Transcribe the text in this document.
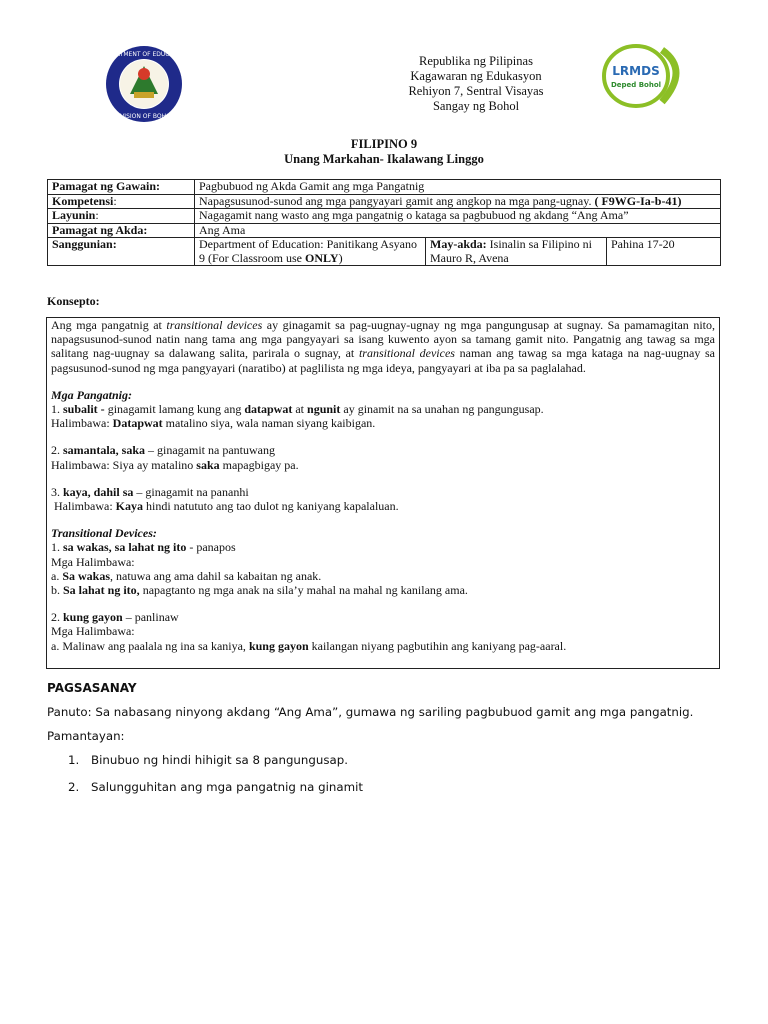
DEPARTMENT OF EDUCATION
DIVISION OF BOHOL
Republika ng Pilipinas
Kagawaran ng Edukasyon
Rehiyon 7, Sentral Visayas
Sangay ng Bohol
LRMDS
Deped Bohol
FILIPINO 9
Unang Markahan- Ikalawang Linggo
Pamagat ng Gawain:	Pagbubuod ng Akda Gamit ang mga Pangatnig		
Kompetensi:	Napagsusunod-sunod ang mga pangyayari gamit ang angkop na mga pang-ugnay. ( F9WG-Ia-b-41)		
Layunin:	Nagagamit nang wasto ang mga pangatnig o kataga sa pagbubuod ng akdang “Ang Ama”		
Pamagat ng Akda:	Ang Ama		
Sanggunian:	Department of Education: Panitikang Asyano 9 (For Classroom use ONLY)	May-akda: Isinalin sa Filipino ni Mauro R, Avena	Pahina 17-20
Konsepto:

Ang mga pangatnig at transitional devices ay ginagamit sa pag-uugnay-ugnay ng mga pangungusap at sugnay. Sa pamamagitan nito, napagsusunod-sunod natin nang tama ang mga pangyayari sa isang kuwento ayon sa tamang gamit nito. Pangatnig ang tawag sa mga salitang nag-uugnay sa dalawang salita, parirala o sugnay, at transitional devices naman ang tawag sa mga kataga na nag-uugnay sa pagsusunod-sunod ng mga pangyayari (naratibo) at paglilista ng mga ideya, pangyayari at iba pa sa paglalahad.

Mga Pangatnig:

1. subalit - ginagamit lamang kung ang datapwat at ngunit ay ginamit na sa unahan ng pangungusap.

Halimbawa: Datapwat matalino siya, wala naman siyang kaibigan.

2. samantala, saka – ginagamit na pantuwang

Halimbawa: Siya ay matalino saka mapagbigay pa.

3. kaya, dahil sa – ginagamit na pananhi

Halimbawa: Kaya hindi natututo ang tao dulot ng kaniyang kapalaluan.

Transitional Devices:

1. sa wakas, sa lahat ng ito - panapos

Mga Halimbawa:

a. Sa wakas, natuwa ang ama dahil sa kabaitan ng anak.

b. Sa lahat ng ito, napagtanto ng mga anak na sila’y mahal na mahal ng kanilang ama.

2. kung gayon – panlinaw

Mga Halimbawa:

a. Malinaw ang paalala ng ina sa kaniya, kung gayon kailangan niyang pagbutihin ang kaniyang pag-aaral.

PAGSASANAY
Panuto: Sa nabasang ninyong akdang “Ang Ama”, gumawa ng sariling pagbubuod gamit ang mga pangatnig.
Pamantayan:
1. Binubuo ng hindi hihigit sa 8 pangungusap.
2. Salungguhitan ang mga pangatnig na ginamit
